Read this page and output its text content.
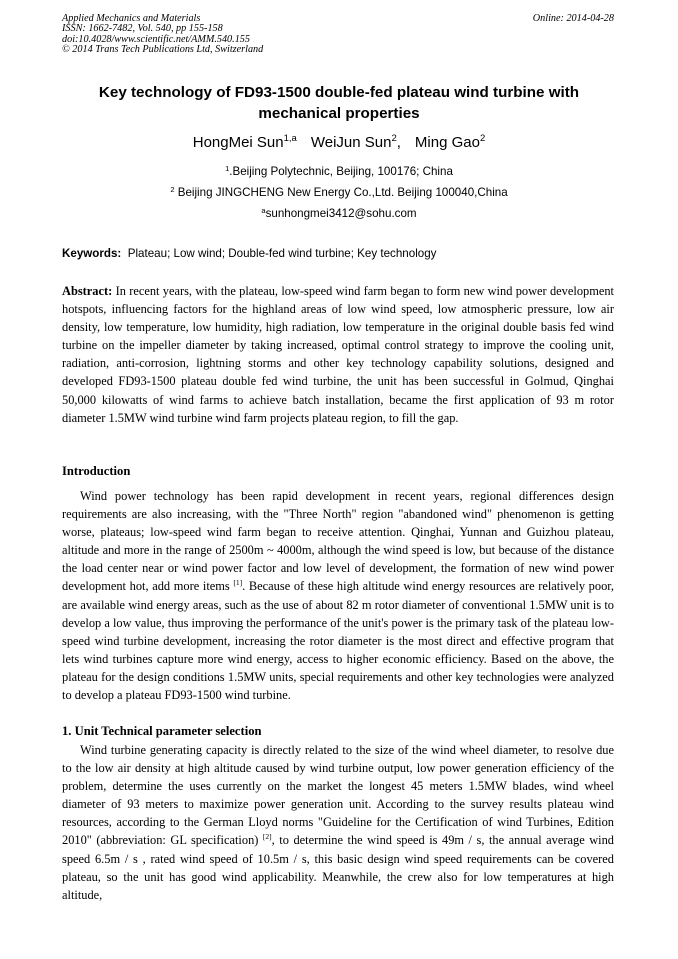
Applied Mechanics and Materials
ISSN: 1662-7482, Vol. 540, pp 155-158
doi:10.4028/www.scientific.net/AMM.540.155
© 2014 Trans Tech Publications Ltd, Switzerland
Online: 2014-04-28
Key technology of FD93-1500 double-fed plateau wind turbine with mechanical properties
HongMei Sun$^{1,a}$ WeiJun Sun$^2$, Ming Gao$^2$
$^1$.Beijing Polytechnic, Beijing, 100176; China
$^2$ Beijing JINGCHENG New Energy Co.,Ltd. Beijing 100040,China
$^a$sunhongmei3412@sohu.com
Keywords: Plateau; Low wind; Double-fed wind turbine; Key technology

Abstract: In recent years, with the plateau, low-speed wind farm began to form new wind power development hotspots, influencing factors for the highland areas of low wind speed, low atmospheric pressure, low air density, low temperature, low humidity, high radiation, low temperature in the original double basis fed wind turbine on the impeller diameter by taking increased, optimal control strategy to improve the cooling unit, radiation, anti-corrosion, lightning storms and other key technology capability solutions, designed and developed FD93-1500 plateau double fed wind turbine, the unit has been successful in Golmud, Qinghai 50,000 kilowatts of wind farms to achieve batch installation, became the first application of 93 m rotor diameter 1.5MW wind turbine wind farm projects plateau region, to fill the gap.

Introduction

Wind power technology has been rapid development in recent years, regional differences design requirements are also increasing, with the "Three North" region "abandoned wind" phenomenon is getting worse, plateaus; low-speed wind farm began to receive attention. Qinghai, Yunnan and Guizhou plateau, altitude and more in the range of 2500m ~ 4000m, although the wind speed is low, but because of the distance the load center near or wind power factor and low level of development, the formation of new wind power development hot, add more items [1]. Because of these high altitude wind energy resources are relatively poor, are available wind energy areas, such as the use of about 82 m rotor diameter of conventional 1.5MW unit is to develop a low value, thus improving the performance of the unit's power is the primary task of the plateau low-speed wind turbine development, increasing the rotor diameter is the most direct and effective program that lets wind turbines capture more wind energy, access to higher economic efficiency. Based on the above, the plateau for the design conditions 1.5MW units, special requirements and other key technologies were analyzed to develop a plateau FD93-1500 wind turbine.

1. Unit Technical parameter selection

Wind turbine generating capacity is directly related to the size of the wind wheel diameter, to resolve due to the low air density at high altitude caused by wind turbine output, low power generation efficiency of the problem, determine the uses currently on the market the longest 45 meters 1.5MW blades, wind wheel diameter of 93 meters to maximize power generation unit. According to the survey results plateau wind resources, according to the German Lloyd norms "Guideline for the Certification of wind Turbines, Edition 2010" (abbreviation: GL specification) [2], to determine the wind speed is 49m / s, the annual average wind speed 6.5m / s , rated wind speed of 10.5m / s, this basic design wind speed requirements can be covered plateau, so the unit has good wind applicability. Meanwhile, the crew also for low temperatures at high altitude,
